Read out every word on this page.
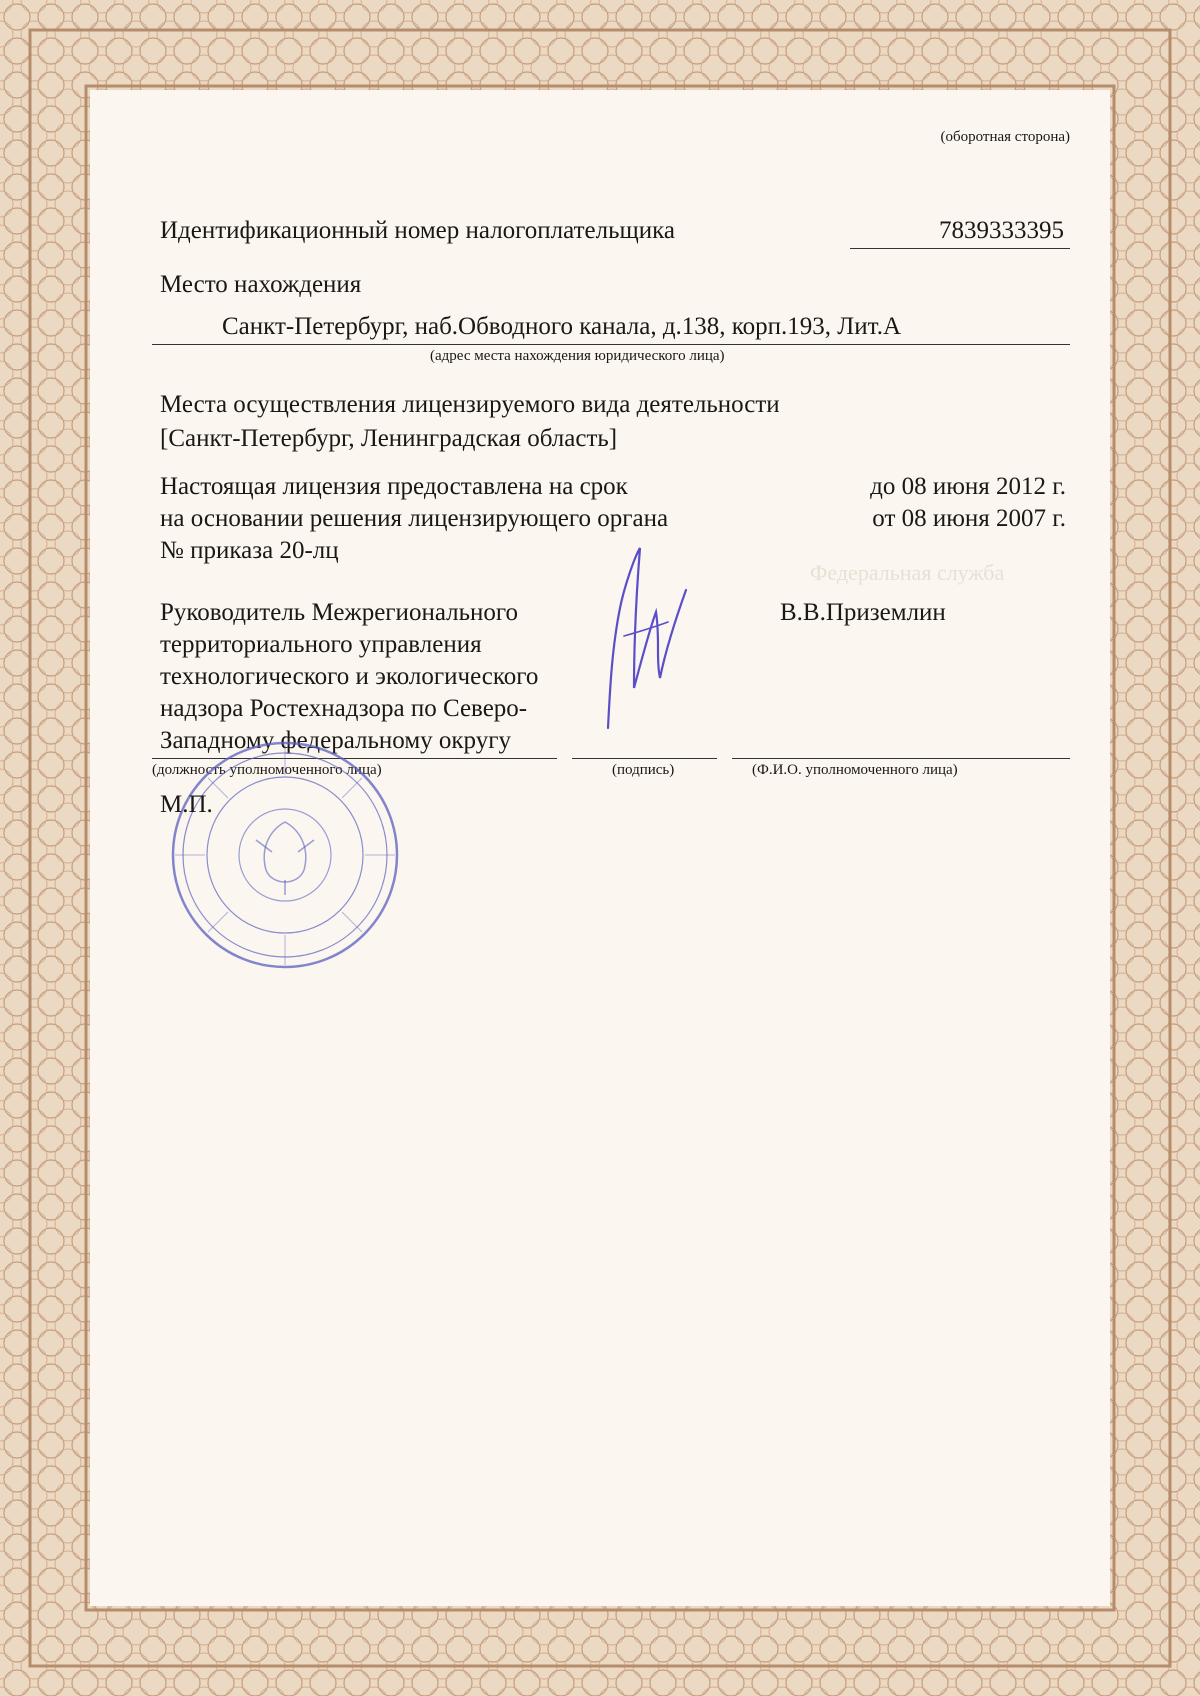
Федеральная служба
(оборотная сторона)
Идентификационный номер налогоплательщика	7839333395
Место нахождения
Санкт-Петербург, наб.Обводного канала, д.138, корп.193, Лит.А
(адрес места нахождения юридического лица)
Места осуществления лицензируемого вида деятельности
[Санкт-Петербург, Ленинградская область]
Настоящая лицензия предоставлена на срок	до 08 июня 2012 г.
на основании решения лицензирующего органа	от 08 июня 2007 г.
№ приказа 20-лц
Руководитель Межрегионального
территориального управления
технологического и экологического
надзора Ростехнадзора по Северо-
Западному федеральному округу
В.В.Приземлин
(должность уполномоченного лица)	(подпись)	(Ф.И.О. уполномоченного лица)
М.П.
